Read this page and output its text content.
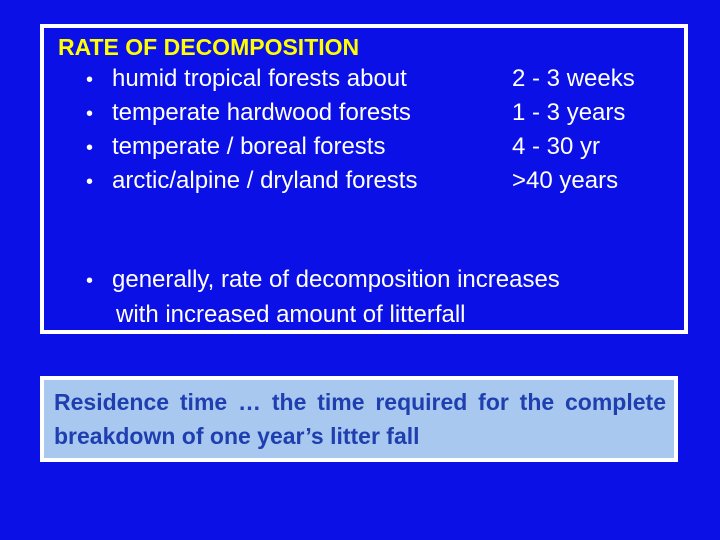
RATE OF DECOMPOSITION
• humid tropical forests about	2 - 3 weeks
• temperate hardwood forests	1 - 3 years
• temperate / boreal forests	4 - 30 yr
• arctic/alpine / dryland forests	>40 years
• generally, rate of decomposition increases
with increased amount of litterfall

Residence time … the time required for the complete breakdown of one year’s litter fall
